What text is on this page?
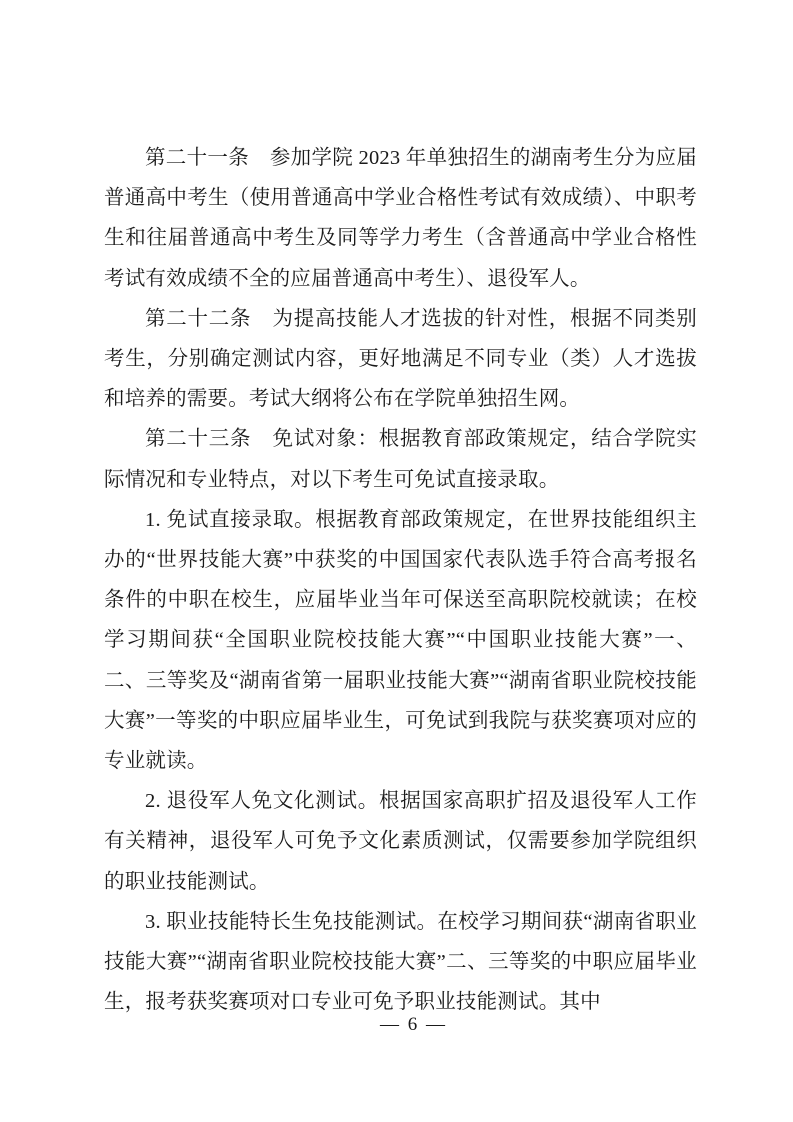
第二十一条　参加学院 2023 年单独招生的湖南考生分为应届普通高中考生（使用普通高中学业合格性考试有效成绩）、中职考生和往届普通高中考生及同等学力考生（含普通高中学业合格性考试有效成绩不全的应届普通高中考生）、退役军人。

第二十二条　为提高技能人才选拔的针对性，根据不同类别考生，分别确定测试内容，更好地满足不同专业（类）人才选拔和培养的需要。考试大纲将公布在学院单独招生网。

第二十三条　免试对象：根据教育部政策规定，结合学院实际情况和专业特点，对以下考生可免试直接录取。

1. 免试直接录取。根据教育部政策规定，在世界技能组织主办的“世界技能大赛”中获奖的中国国家代表队选手符合高考报名条件的中职在校生，应届毕业当年可保送至高职院校就读；在校学习期间获“全国职业院校技能大赛”“中国职业技能大赛”一、二、三等奖及“湖南省第一届职业技能大赛”“湖南省职业院校技能大赛”一等奖的中职应届毕业生，可免试到我院与获奖赛项对应的专业就读。

2. 退役军人免文化测试。根据国家高职扩招及退役军人工作有关精神，退役军人可免予文化素质测试，仅需要参加学院组织的职业技能测试。

3. 职业技能特长生免技能测试。在校学习期间获“湖南省职业技能大赛”“湖南省职业院校技能大赛”二、三等奖的中职应届毕业生，报考获奖赛项对口专业可免予职业技能测试。其中

— 6 —
